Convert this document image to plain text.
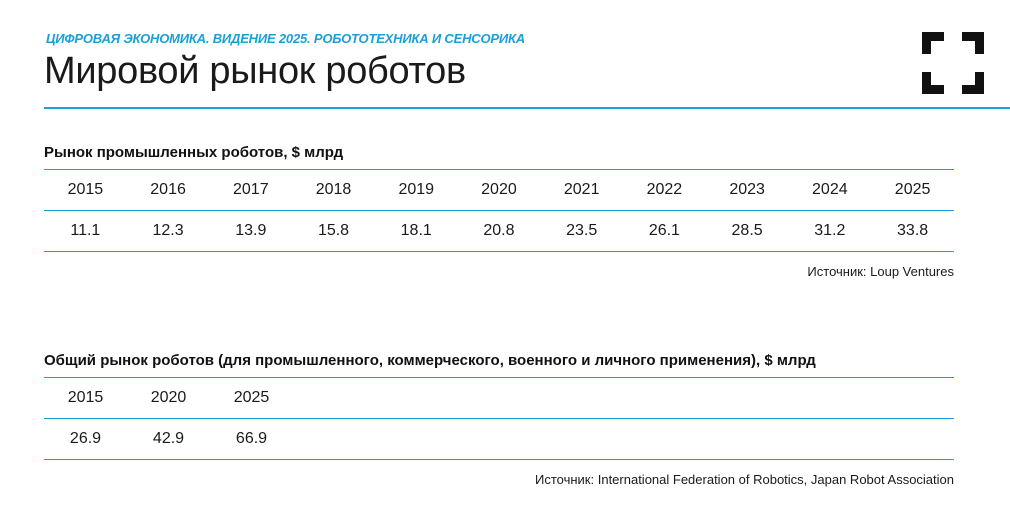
ЦИФРОВАЯ ЭКОНОМИКА. ВИДЕНИЕ 2025. РОБОТОТЕХНИКА И СЕНСОРИКА
Мировой рынок роботов
Рынок промышленных роботов, $ млрд
2015	2016	2017	2018	2019	2020	2021	2022	2023	2024	2025
11.1	12.3	13.9	15.8	18.1	20.8	23.5	26.1	28.5	31.2	33.8
Источник: Loup Ventures
Общий рынок роботов (для промышленного, коммерческого, военного и личного применения), $ млрд
2015	2020	2025	
26.9	42.9	66.9	
Источник: International Federation of Robotics, Japan Robot Association
